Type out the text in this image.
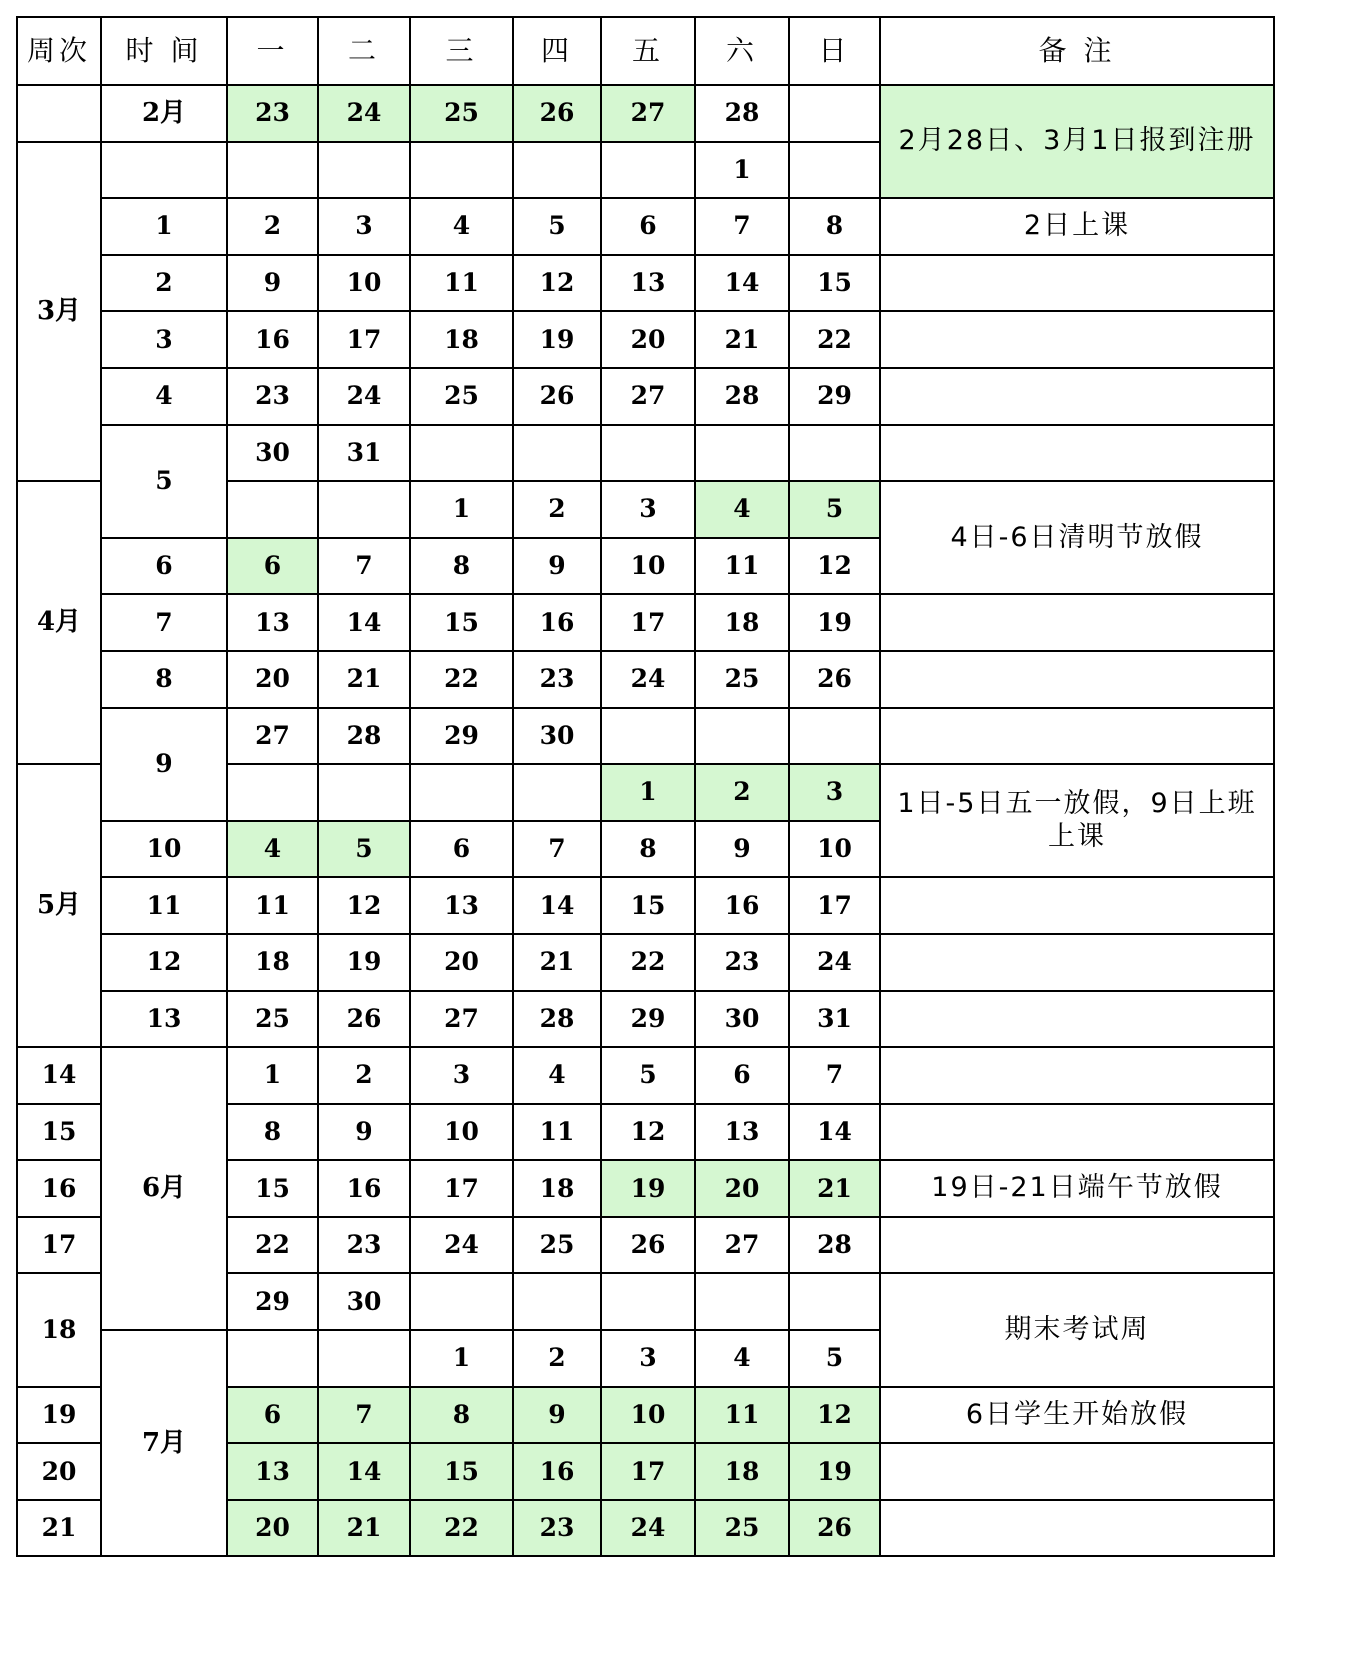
周次	时 间	一	二	三	四	五	六	日	备 注
	2月	23	24	25	26	27	28		2月28日、3月1日报到注册
3月							1		
	1	2	3	4	5	6	7	8	2日上课
	2	9	10	11	12	13	14	15	
	3	16	17	18	19	20	21	22	
	4	23	24	25	26	27	28	29	
	5	30	31						
4月				1	2	3	4	5	4日-6日清明节放假
	6	6	7	8	9	10	11	12	
	7	13	14	15	16	17	18	19	
	8	20	21	22	23	24	25	26	
	9	27	28	29	30				
5月						1	2	3	1日-5日五一放假，9日上班上课
	10	4	5	6	7	8	9	10	
	11	11	12	13	14	15	16	17	
	12	18	19	20	21	22	23	24	
	13	25	26	27	28	29	30	31	
14	6月	1	2	3	4	5	6	7	
15		8	9	10	11	12	13	14	
16		15	16	17	18	19	20	21	19日-21日端午节放假
17		22	23	24	25	26	27	28	
18		29	30						期末考试周
	7月			1	2	3	4	5	
19		6	7	8	9	10	11	12	6日学生开始放假
20		13	14	15	16	17	18	19	
21		20	21	22	23	24	25	26	
